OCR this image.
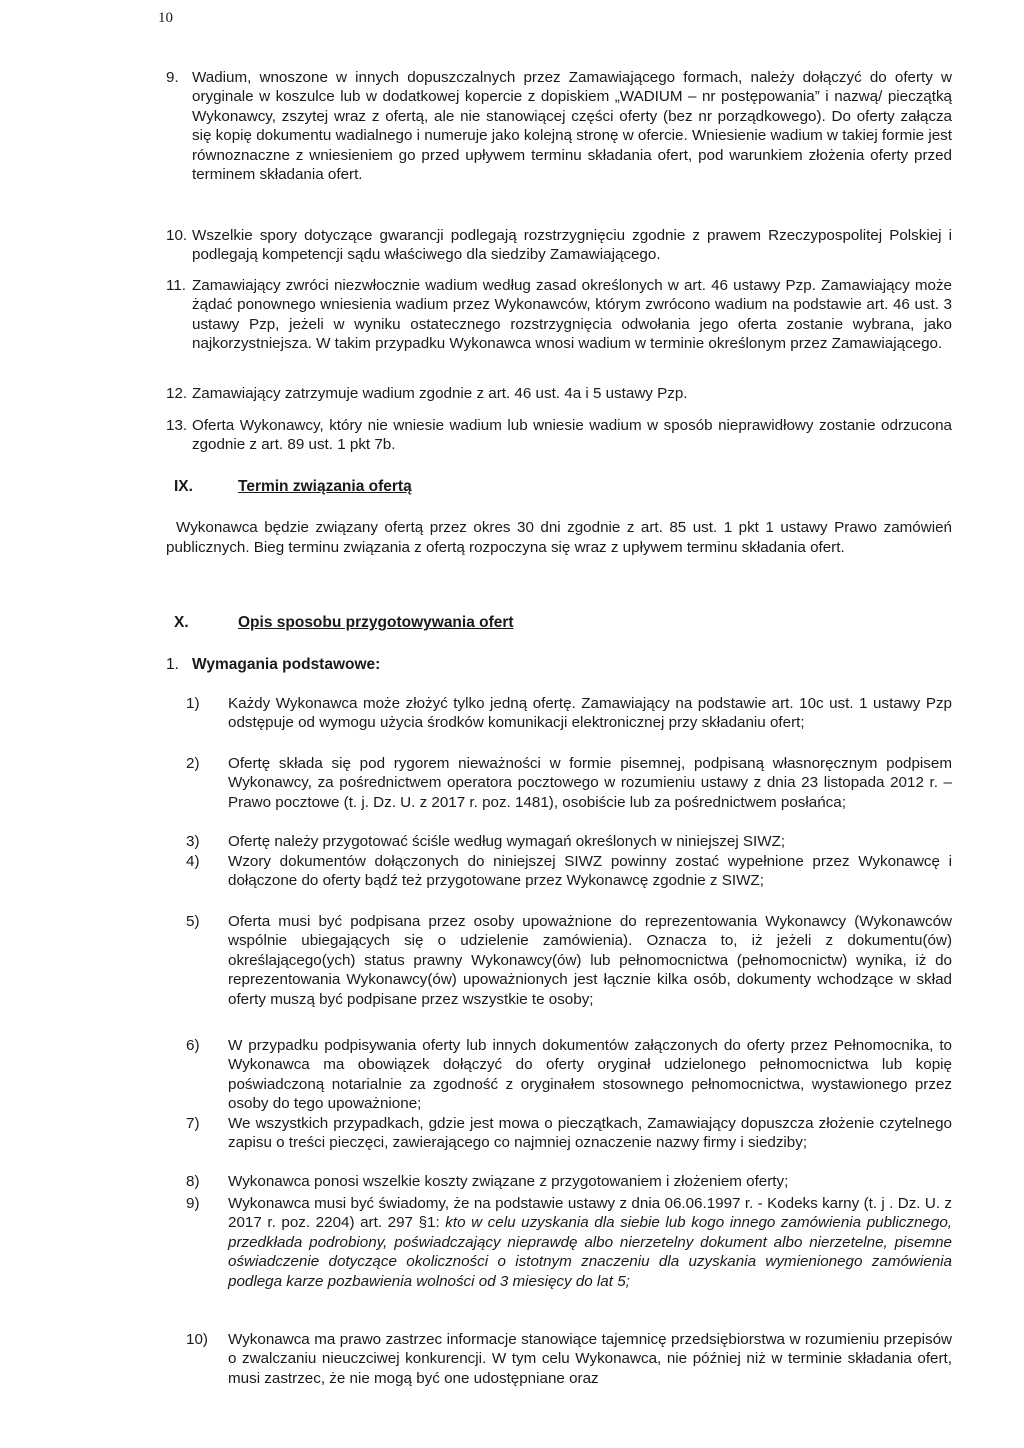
10
9. Wadium, wnoszone w innych dopuszczalnych przez Zamawiającego formach, należy dołączyć do oferty w oryginale w koszulce lub w dodatkowej kopercie z dopiskiem „WADIUM – nr postępowania” i nazwą/ pieczątką Wykonawcy, zszytej wraz z ofertą, ale nie stanowiącej części oferty (bez nr porządkowego). Do oferty załącza się kopię dokumentu wadialnego i numeruje jako kolejną stronę w ofercie. Wniesienie wadium w takiej formie jest równoznaczne z wniesieniem go przed upływem terminu składania ofert, pod warunkiem złożenia oferty przed terminem składania ofert.
10. Wszelkie spory dotyczące gwarancji podlegają rozstrzygnięciu zgodnie z prawem Rzeczypospolitej Polskiej i podlegają kompetencji sądu właściwego dla siedziby Zamawiającego.
11. Zamawiający zwróci niezwłocznie wadium według zasad określonych w art. 46 ustawy Pzp. Zamawiający może żądać ponownego wniesienia wadium przez Wykonawców, którym zwrócono wadium na podstawie art. 46 ust. 3 ustawy Pzp, jeżeli w wyniku ostatecznego rozstrzygnięcia odwołania jego oferta zostanie wybrana, jako najkorzystniejsza. W takim przypadku Wykonawca wnosi wadium w terminie określonym przez Zamawiającego.
12. Zamawiający zatrzymuje wadium zgodnie z art. 46 ust. 4a i 5 ustawy Pzp.
13. Oferta Wykonawcy, który nie wniesie wadium lub wniesie wadium w sposób nieprawidłowy zostanie odrzucona zgodnie z art. 89 ust. 1 pkt 7b.
IX.	Termin związania ofertą
Wykonawca będzie związany ofertą przez okres 30 dni zgodnie z art. 85 ust. 1 pkt 1 ustawy Prawo zamówień publicznych. Bieg terminu związania z ofertą rozpoczyna się wraz z upływem terminu składania ofert.
X.	Opis sposobu przygotowywania ofert
1. Wymagania podstawowe:
1) Każdy Wykonawca może złożyć tylko jedną ofertę. Zamawiający na podstawie art. 10c ust. 1 ustawy Pzp odstępuje od wymogu użycia środków komunikacji elektronicznej przy składaniu ofert;
2) Ofertę składa się pod rygorem nieważności w formie pisemnej, podpisaną własnoręcznym podpisem Wykonawcy, za pośrednictwem operatora pocztowego w rozumieniu ustawy z dnia 23 listopada 2012 r. – Prawo pocztowe (t. j. Dz. U. z 2017 r. poz. 1481), osobiście lub za pośrednictwem posłańca;
3) Ofertę należy przygotować ściśle według wymagań określonych w niniejszej SIWZ;
4) Wzory dokumentów dołączonych do niniejszej SIWZ powinny zostać wypełnione przez Wykonawcę i dołączone do oferty bądź też przygotowane przez Wykonawcę zgodnie z SIWZ;
5) Oferta musi być podpisana przez osoby upoważnione do reprezentowania Wykonawcy (Wykonawców wspólnie ubiegających się o udzielenie zamówienia). Oznacza to, iż jeżeli z dokumentu(ów) określającego(ych) status prawny Wykonawcy(ów) lub pełnomocnictwa (pełnomocnictw) wynika, iż do reprezentowania Wykonawcy(ów) upoważnionych jest łącznie kilka osób, dokumenty wchodzące w skład oferty muszą być podpisane przez wszystkie te osoby;
6) W przypadku podpisywania oferty lub innych dokumentów załączonych do oferty przez Pełnomocnika, to Wykonawca ma obowiązek dołączyć do oferty oryginał udzielonego pełnomocnictwa lub kopię poświadczoną notarialnie za zgodność z oryginałem stosownego pełnomocnictwa, wystawionego przez osoby do tego upoważnione;
7) We wszystkich przypadkach, gdzie jest mowa o pieczątkach, Zamawiający dopuszcza złożenie czytelnego zapisu o treści pieczęci, zawierającego co najmniej oznaczenie nazwy firmy i siedziby;
8) Wykonawca ponosi wszelkie koszty związane z przygotowaniem i złożeniem oferty;
9) Wykonawca musi być świadomy, że na podstawie ustawy z dnia 06.06.1997 r. - Kodeks karny (t. j . Dz. U. z 2017 r. poz. 2204) art. 297 §1: kto w celu uzyskania dla siebie lub kogo innego zamówienia publicznego, przedkłada podrobiony, poświadczający nieprawdę albo nierzetelny dokument albo nierzetelne, pisemne oświadczenie dotyczące okoliczności o istotnym znaczeniu dla uzyskania wymienionego zamówienia podlega karze pozbawienia wolności od 3 miesięcy do lat 5;
10) Wykonawca ma prawo zastrzec informacje stanowiące tajemnicę przedsiębiorstwa w rozumieniu przepisów o zwalczaniu nieuczciwej konkurencji. W tym celu Wykonawca, nie później niż w terminie składania ofert, musi zastrzec, że nie mogą być one udostępniane oraz
